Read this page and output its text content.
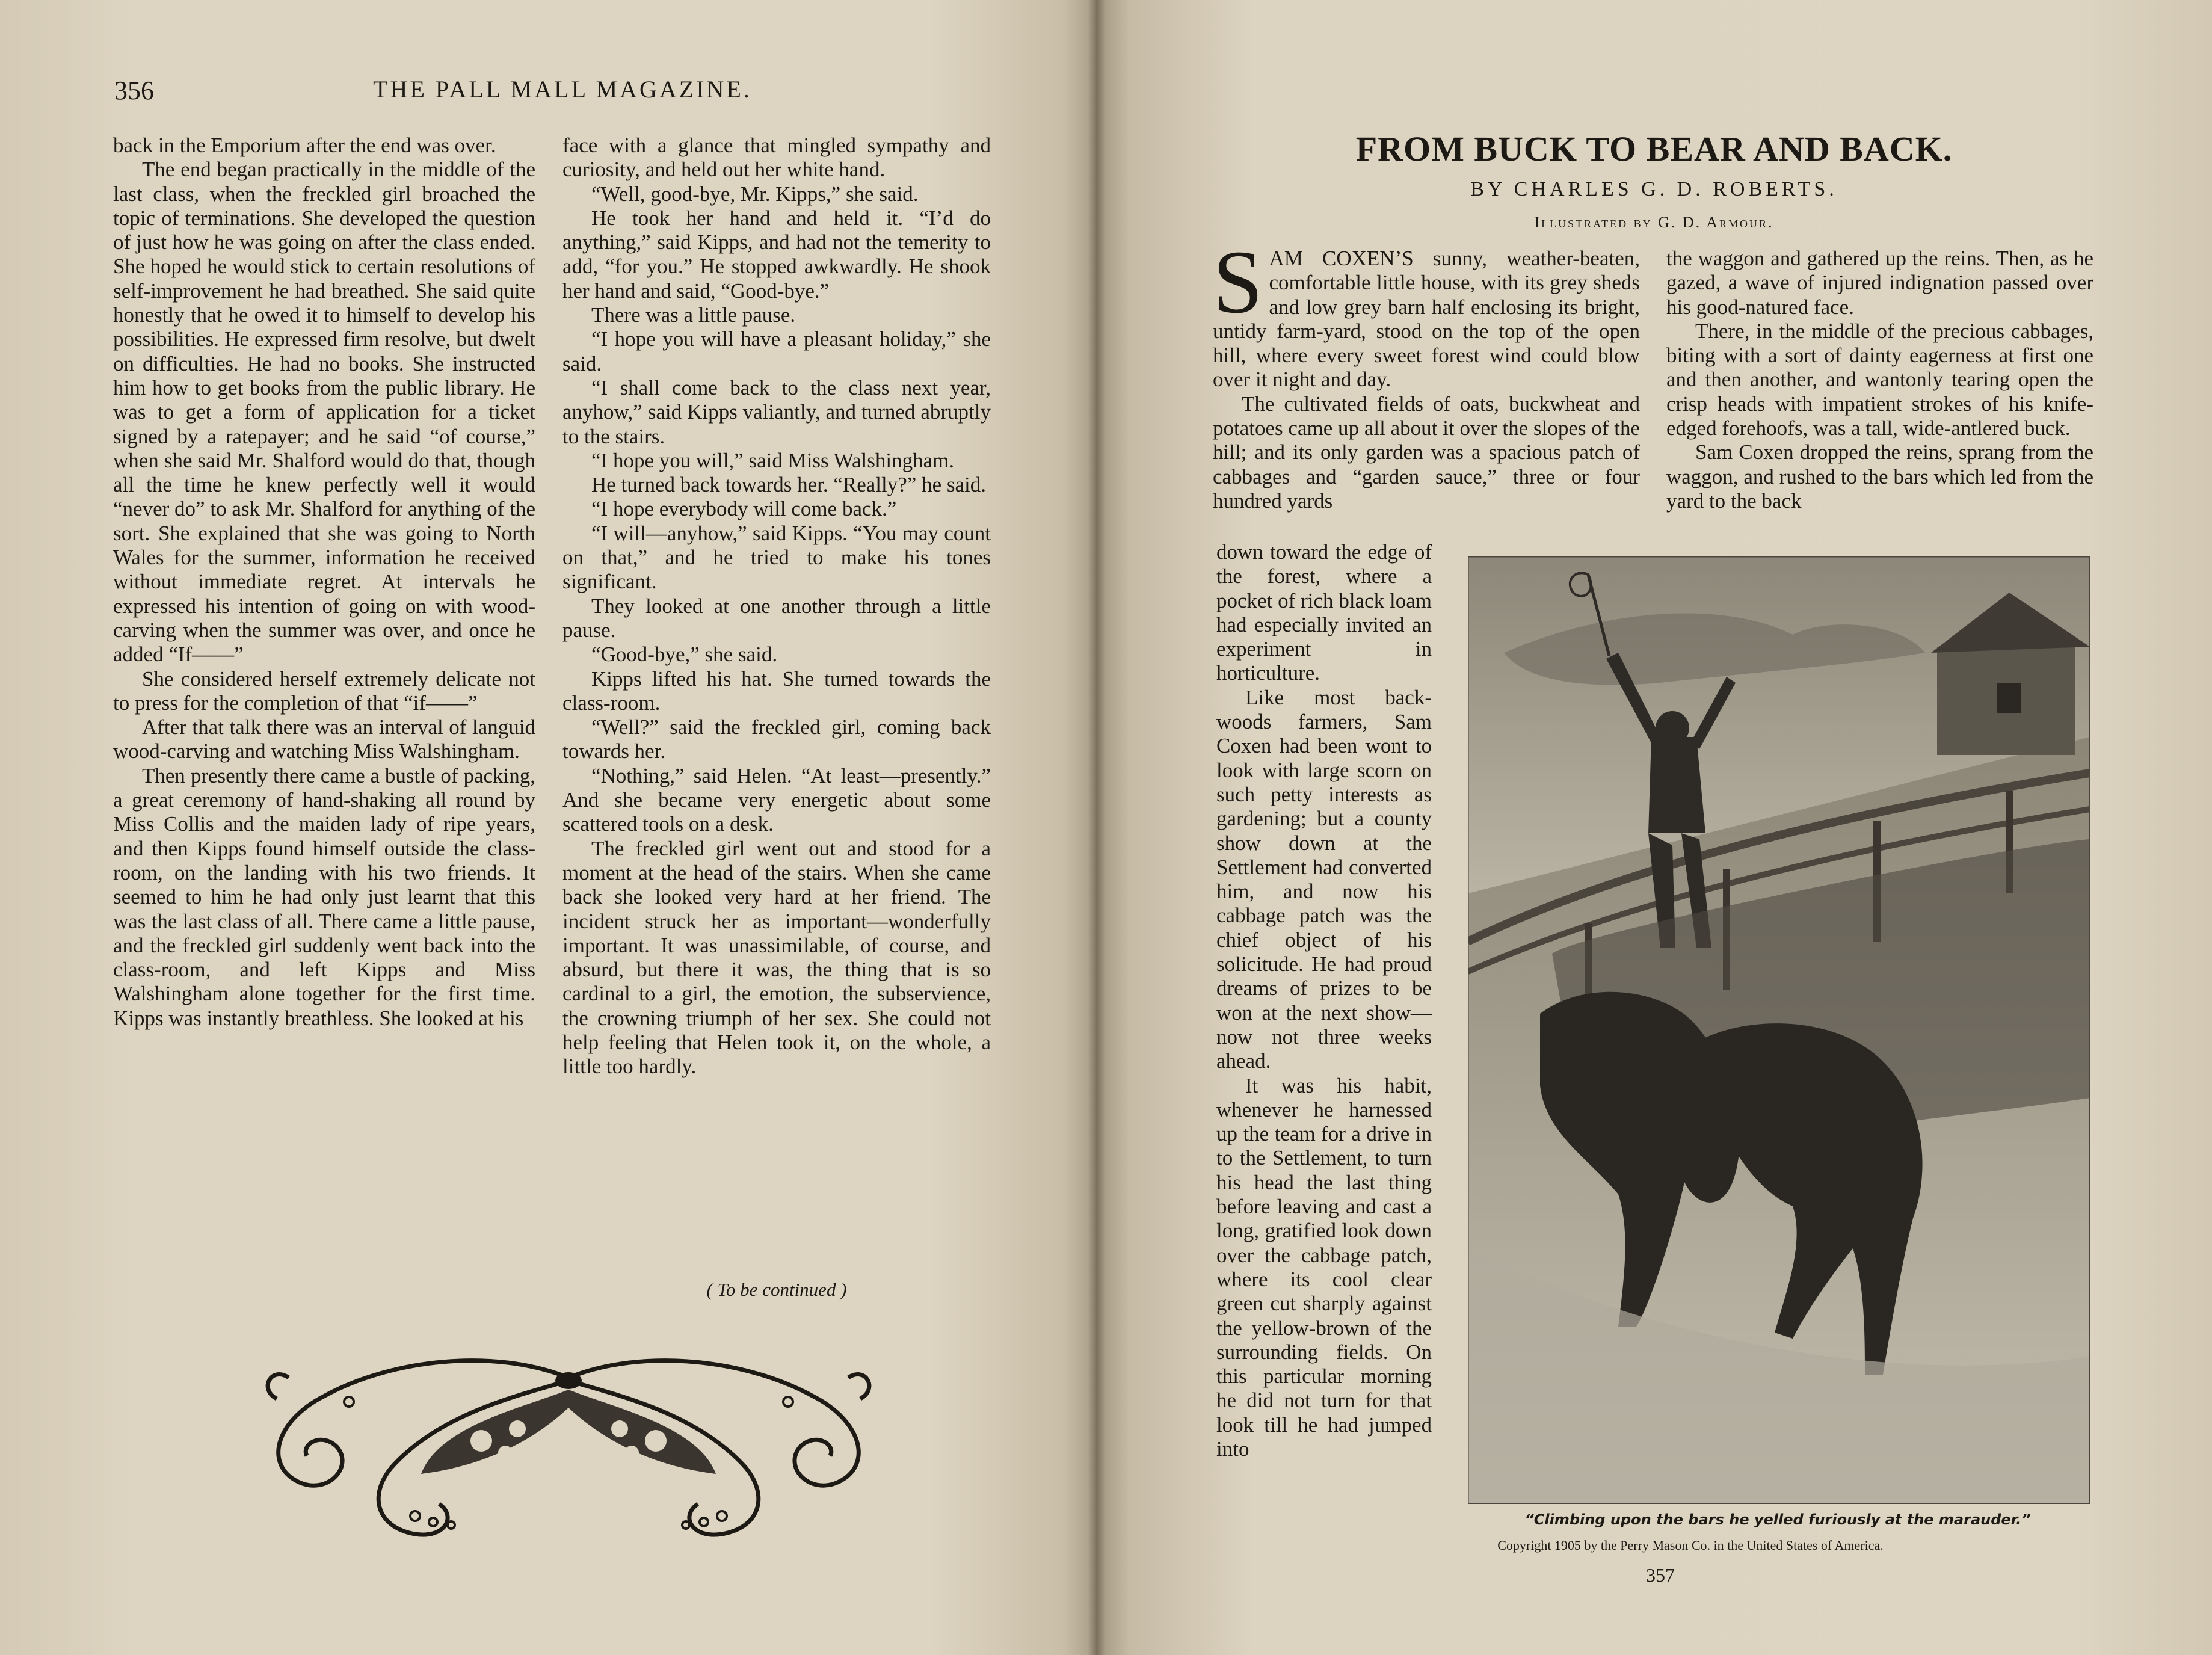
356	THE PALL MALL MAGAZINE.

back in the Emporium after the end was over.

The end began practically in the middle of the last class, when the freckled girl broached the topic of terminations. She developed the question of just how he was going on after the class ended. She hoped he would stick to certain resolutions of self-improvement he had breathed. She said quite honestly that he owed it to himself to develop his possibilities. He expressed firm resolve, but dwelt on difficulties. He had no books. She instructed him how to get books from the public library. He was to get a form of application for a ticket signed by a ratepayer; and he said “of course,” when she said Mr. Shalford would do that, though all the time he knew perfectly well it would “never do” to ask Mr. Shalford for anything of the sort. She explained that she was going to North Wales for the summer, information he received without immediate regret. At intervals he expressed his intention of going on with wood-carving when the summer was over, and once he added “If——”

She considered herself extremely delicate not to press for the completion of that “if——”

After that talk there was an interval of languid wood-carving and watching Miss Walshingham.

Then presently there came a bustle of packing, a great ceremony of hand-shaking all round by Miss Collis and the maiden lady of ripe years, and then Kipps found himself outside the class-room, on the landing with his two friends. It seemed to him he had only just learnt that this was the last class of all. There came a little pause, and the freckled girl suddenly went back into the class-room, and left Kipps and Miss Walshingham alone together for the first time. Kipps was instantly breathless. She looked at his

face with a glance that mingled sympathy and curiosity, and held out her white hand.

“Well, good-bye, Mr. Kipps,” she said.

He took her hand and held it. “I’d do anything,” said Kipps, and had not the temerity to add, “for you.” He stopped awkwardly. He shook her hand and said, “Good-bye.”

There was a little pause.

“I hope you will have a pleasant holiday,” she said.

“I shall come back to the class next year, anyhow,” said Kipps valiantly, and turned abruptly to the stairs.

“I hope you will,” said Miss Walshingham.

He turned back towards her. “Really?” he said.

“I hope everybody will come back.”

“I will—anyhow,” said Kipps. “You may count on that,” and he tried to make his tones significant.

They looked at one another through a little pause.

“Good-bye,” she said.

Kipps lifted his hat. She turned towards the class-room.

“Well?” said the freckled girl, coming back towards her.

“Nothing,” said Helen. “At least—presently.” And she became very energetic about some scattered tools on a desk.

The freckled girl went out and stood for a moment at the head of the stairs. When she came back she looked very hard at her friend. The incident struck her as important—wonderfully important. It was unassimilable, of course, and absurd, but there it was, the thing that is so cardinal to a girl, the emotion, the subservience, the crowning triumph of her sex. She could not help feeling that Helen took it, on the whole, a little too hardly.

( To be continued )
FROM BUCK TO BEAR AND BACK.
BY CHARLES G. D. ROBERTS.
Illustrated by G. D. Armour.

SAM COXEN’S sunny, weather-beaten, comfortable little house, with its grey sheds and low grey barn half enclosing its bright, untidy farm-yard, stood on the top of the open hill, where every sweet forest wind could blow over it night and day.

The cultivated fields of oats, buckwheat and potatoes came up all about it over the slopes of the hill; and its only garden was a spacious patch of cabbages and “garden sauce,” three or four hundred yards

down toward the edge of the forest, where a pocket of rich black loam had especially invited an experiment in horticulture.

Like most back-woods farmers, Sam Coxen had been wont to look with large scorn on such petty interests as gardening; but a county show down at the Settlement had converted him, and now his cabbage patch was the chief object of his solicitude. He had proud dreams of prizes to be won at the next show—now not three weeks ahead.

It was his habit, whenever he harnessed up the team for a drive in to the Settlement, to turn his head the last thing before leaving and cast a long, gratified look down over the cabbage patch, where its cool clear green cut sharply against the yellow-brown of the surrounding fields. On this particular morning he did not turn for that look till he had jumped into

the waggon and gathered up the reins. Then, as he gazed, a wave of injured indignation passed over his good-natured face.

There, in the middle of the precious cabbages, biting with a sort of dainty eagerness at first one and then another, and wantonly tearing open the crisp heads with impatient strokes of his knife-edged forehoofs, was a tall, wide-antlered buck.

Sam Coxen dropped the reins, sprang from the waggon, and rushed to the bars which led from the yard to the back

“Climbing upon the bars he yelled furiously at the marauder.”
Copyright 1905 by the Perry Mason Co. in the United States of America.
357
